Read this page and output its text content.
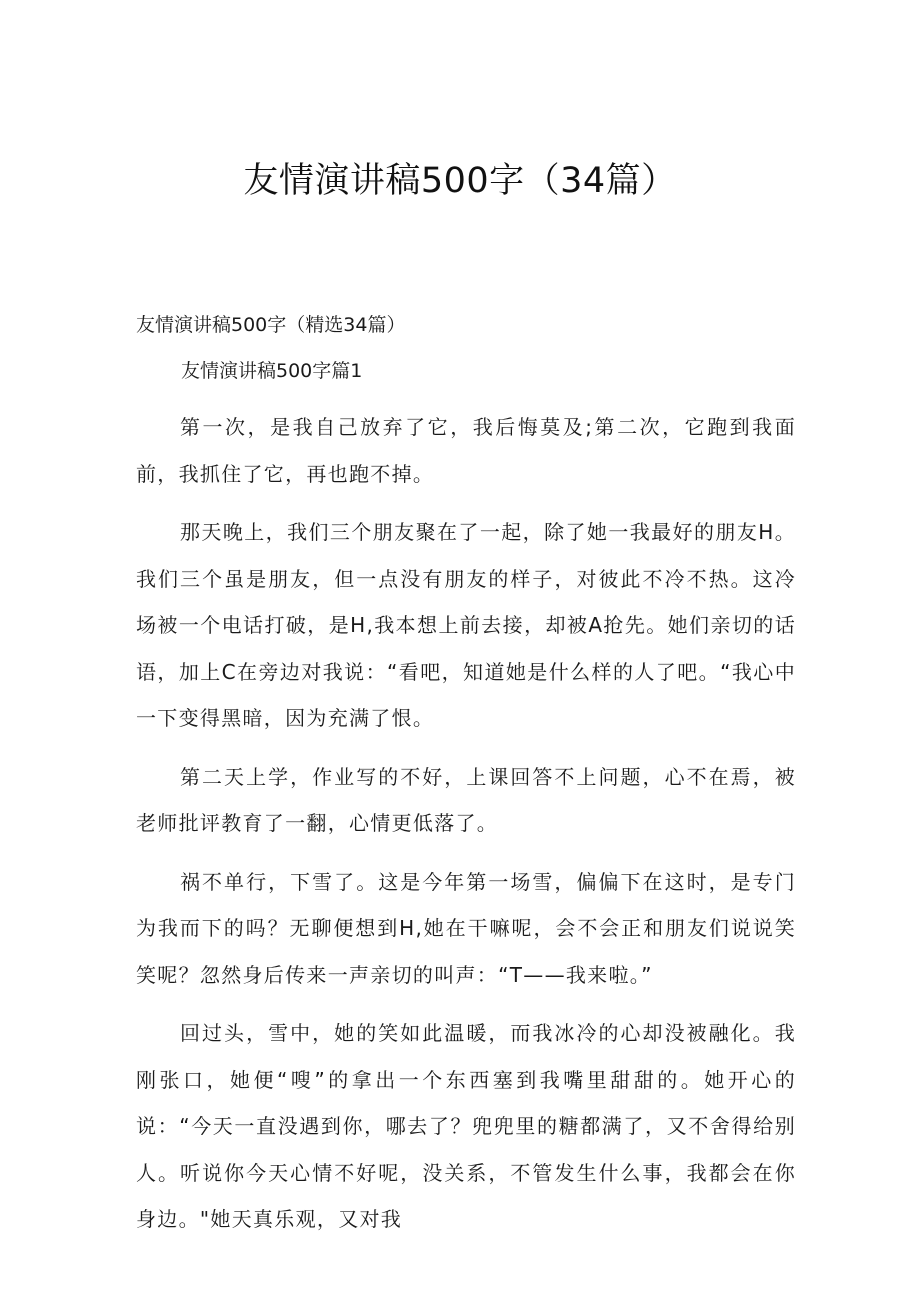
友情演讲稿500字（34篇）

友情演讲稿500字（精选34篇）

友情演讲稿500字篇1

第一次，是我自己放弃了它，我后悔莫及;第二次，它跑到我面前，我抓住了它，再也跑不掉。

那天晚上，我们三个朋友聚在了一起，除了她一我最好的朋友H。我们三个虽是朋友，但一点没有朋友的样子，对彼此不冷不热。这冷场被一个电话打破，是H,我本想上前去接，却被A抢先。她们亲切的话语，加上C在旁边对我说：“看吧，知道她是什么样的人了吧。“我心中一下变得黑暗，因为充满了恨。

第二天上学，作业写的不好，上课回答不上问题，心不在焉，被老师批评教育了一翻，心情更低落了。

祸不单行，下雪了。这是今年第一场雪，偏偏下在这时，是专门为我而下的吗？无聊便想到H,她在干嘛呢，会不会正和朋友们说说笑笑呢？忽然身后传来一声亲切的叫声：“T——我来啦。”

回过头，雪中，她的笑如此温暖，而我冰冷的心却没被融化。我刚张口，她便“嗖”的拿出一个东西塞到我嘴里甜甜的。她开心的说：“今天一直没遇到你，哪去了？兜兜里的糖都满了，又不舍得给别人。听说你今天心情不好呢，没关系，不管发生什么事，我都会在你身边。"她天真乐观，又对我
